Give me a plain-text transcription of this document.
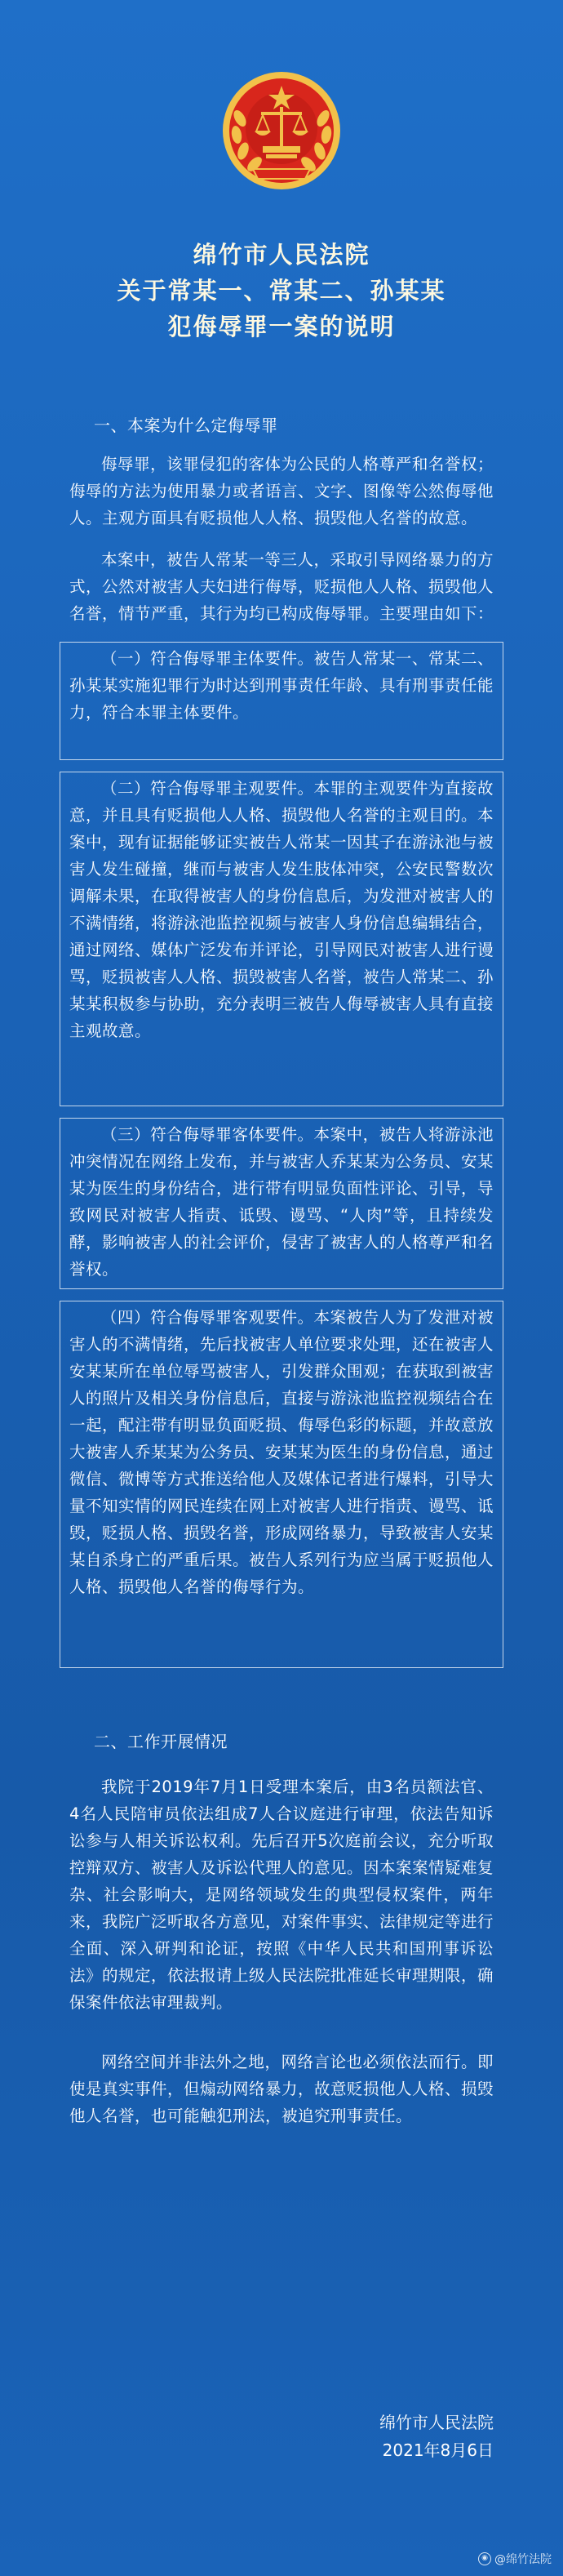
绵竹市人民法院

关于常某一、常某二、孙某某

犯侮辱罪一案的说明

一、本案为什么定侮辱罪

侮辱罪，该罪侵犯的客体为公民的人格尊严和名誉权；侮辱的方法为使用暴力或者语言、文字、图像等公然侮辱他人。主观方面具有贬损他人人格、损毁他人名誉的故意。

本案中，被告人常某一等三人，采取引导网络暴力的方式，公然对被害人夫妇进行侮辱，贬损他人人格、损毁他人名誉，情节严重，其行为均已构成侮辱罪。主要理由如下：

（一）符合侮辱罪主体要件。被告人常某一、常某二、孙某某实施犯罪行为时达到刑事责任年龄、具有刑事责任能力，符合本罪主体要件。

（二）符合侮辱罪主观要件。本罪的主观要件为直接故意，并且具有贬损他人人格、损毁他人名誉的主观目的。本案中，现有证据能够证实被告人常某一因其子在游泳池与被害人发生碰撞，继而与被害人发生肢体冲突，公安民警数次调解未果，在取得被害人的身份信息后，为发泄对被害人的不满情绪，将游泳池监控视频与被害人身份信息编辑结合，通过网络、媒体广泛发布并评论，引导网民对被害人进行谩骂，贬损被害人人格、损毁被害人名誉，被告人常某二、孙某某积极参与协助，充分表明三被告人侮辱被害人具有直接主观故意。

（三）符合侮辱罪客体要件。本案中，被告人将游泳池冲突情况在网络上发布，并与被害人乔某某为公务员、安某某为医生的身份结合，进行带有明显负面性评论、引导，导致网民对被害人指责、诋毁、谩骂、“人肉”等，且持续发酵，影响被害人的社会评价，侵害了被害人的人格尊严和名誉权。

（四）符合侮辱罪客观要件。本案被告人为了发泄对被害人的不满情绪，先后找被害人单位要求处理，还在被害人安某某所在单位辱骂被害人，引发群众围观；在获取到被害人的照片及相关身份信息后，直接与游泳池监控视频结合在一起，配注带有明显负面贬损、侮辱色彩的标题，并故意放大被害人乔某某为公务员、安某某为医生的身份信息，通过微信、微博等方式推送给他人及媒体记者进行爆料，引导大量不知实情的网民连续在网上对被害人进行指责、谩骂、诋毁，贬损人格、损毁名誉，形成网络暴力，导致被害人安某某自杀身亡的严重后果。被告人系列行为应当属于贬损他人人格、损毁他人名誉的侮辱行为。

二、工作开展情况

我院于2019年7月1日受理本案后，由3名员额法官、4名人民陪审员依法组成7人合议庭进行审理，依法告知诉讼参与人相关诉讼权利。先后召开5次庭前会议，充分听取控辩双方、被害人及诉讼代理人的意见。因本案案情疑难复杂、社会影响大，是网络领域发生的典型侵权案件，两年来，我院广泛听取各方意见，对案件事实、法律规定等进行全面、深入研判和论证，按照《中华人民共和国刑事诉讼法》的规定，依法报请上级人民法院批准延长审理期限，确保案件依法审理裁判。

网络空间并非法外之地，网络言论也必须依法而行。即使是真实事件，但煽动网络暴力，故意贬损他人人格、损毁他人名誉，也可能触犯刑法，被追究刑事责任。

绵竹市人民法院
2021年8月6日
◉ @绵竹法院
